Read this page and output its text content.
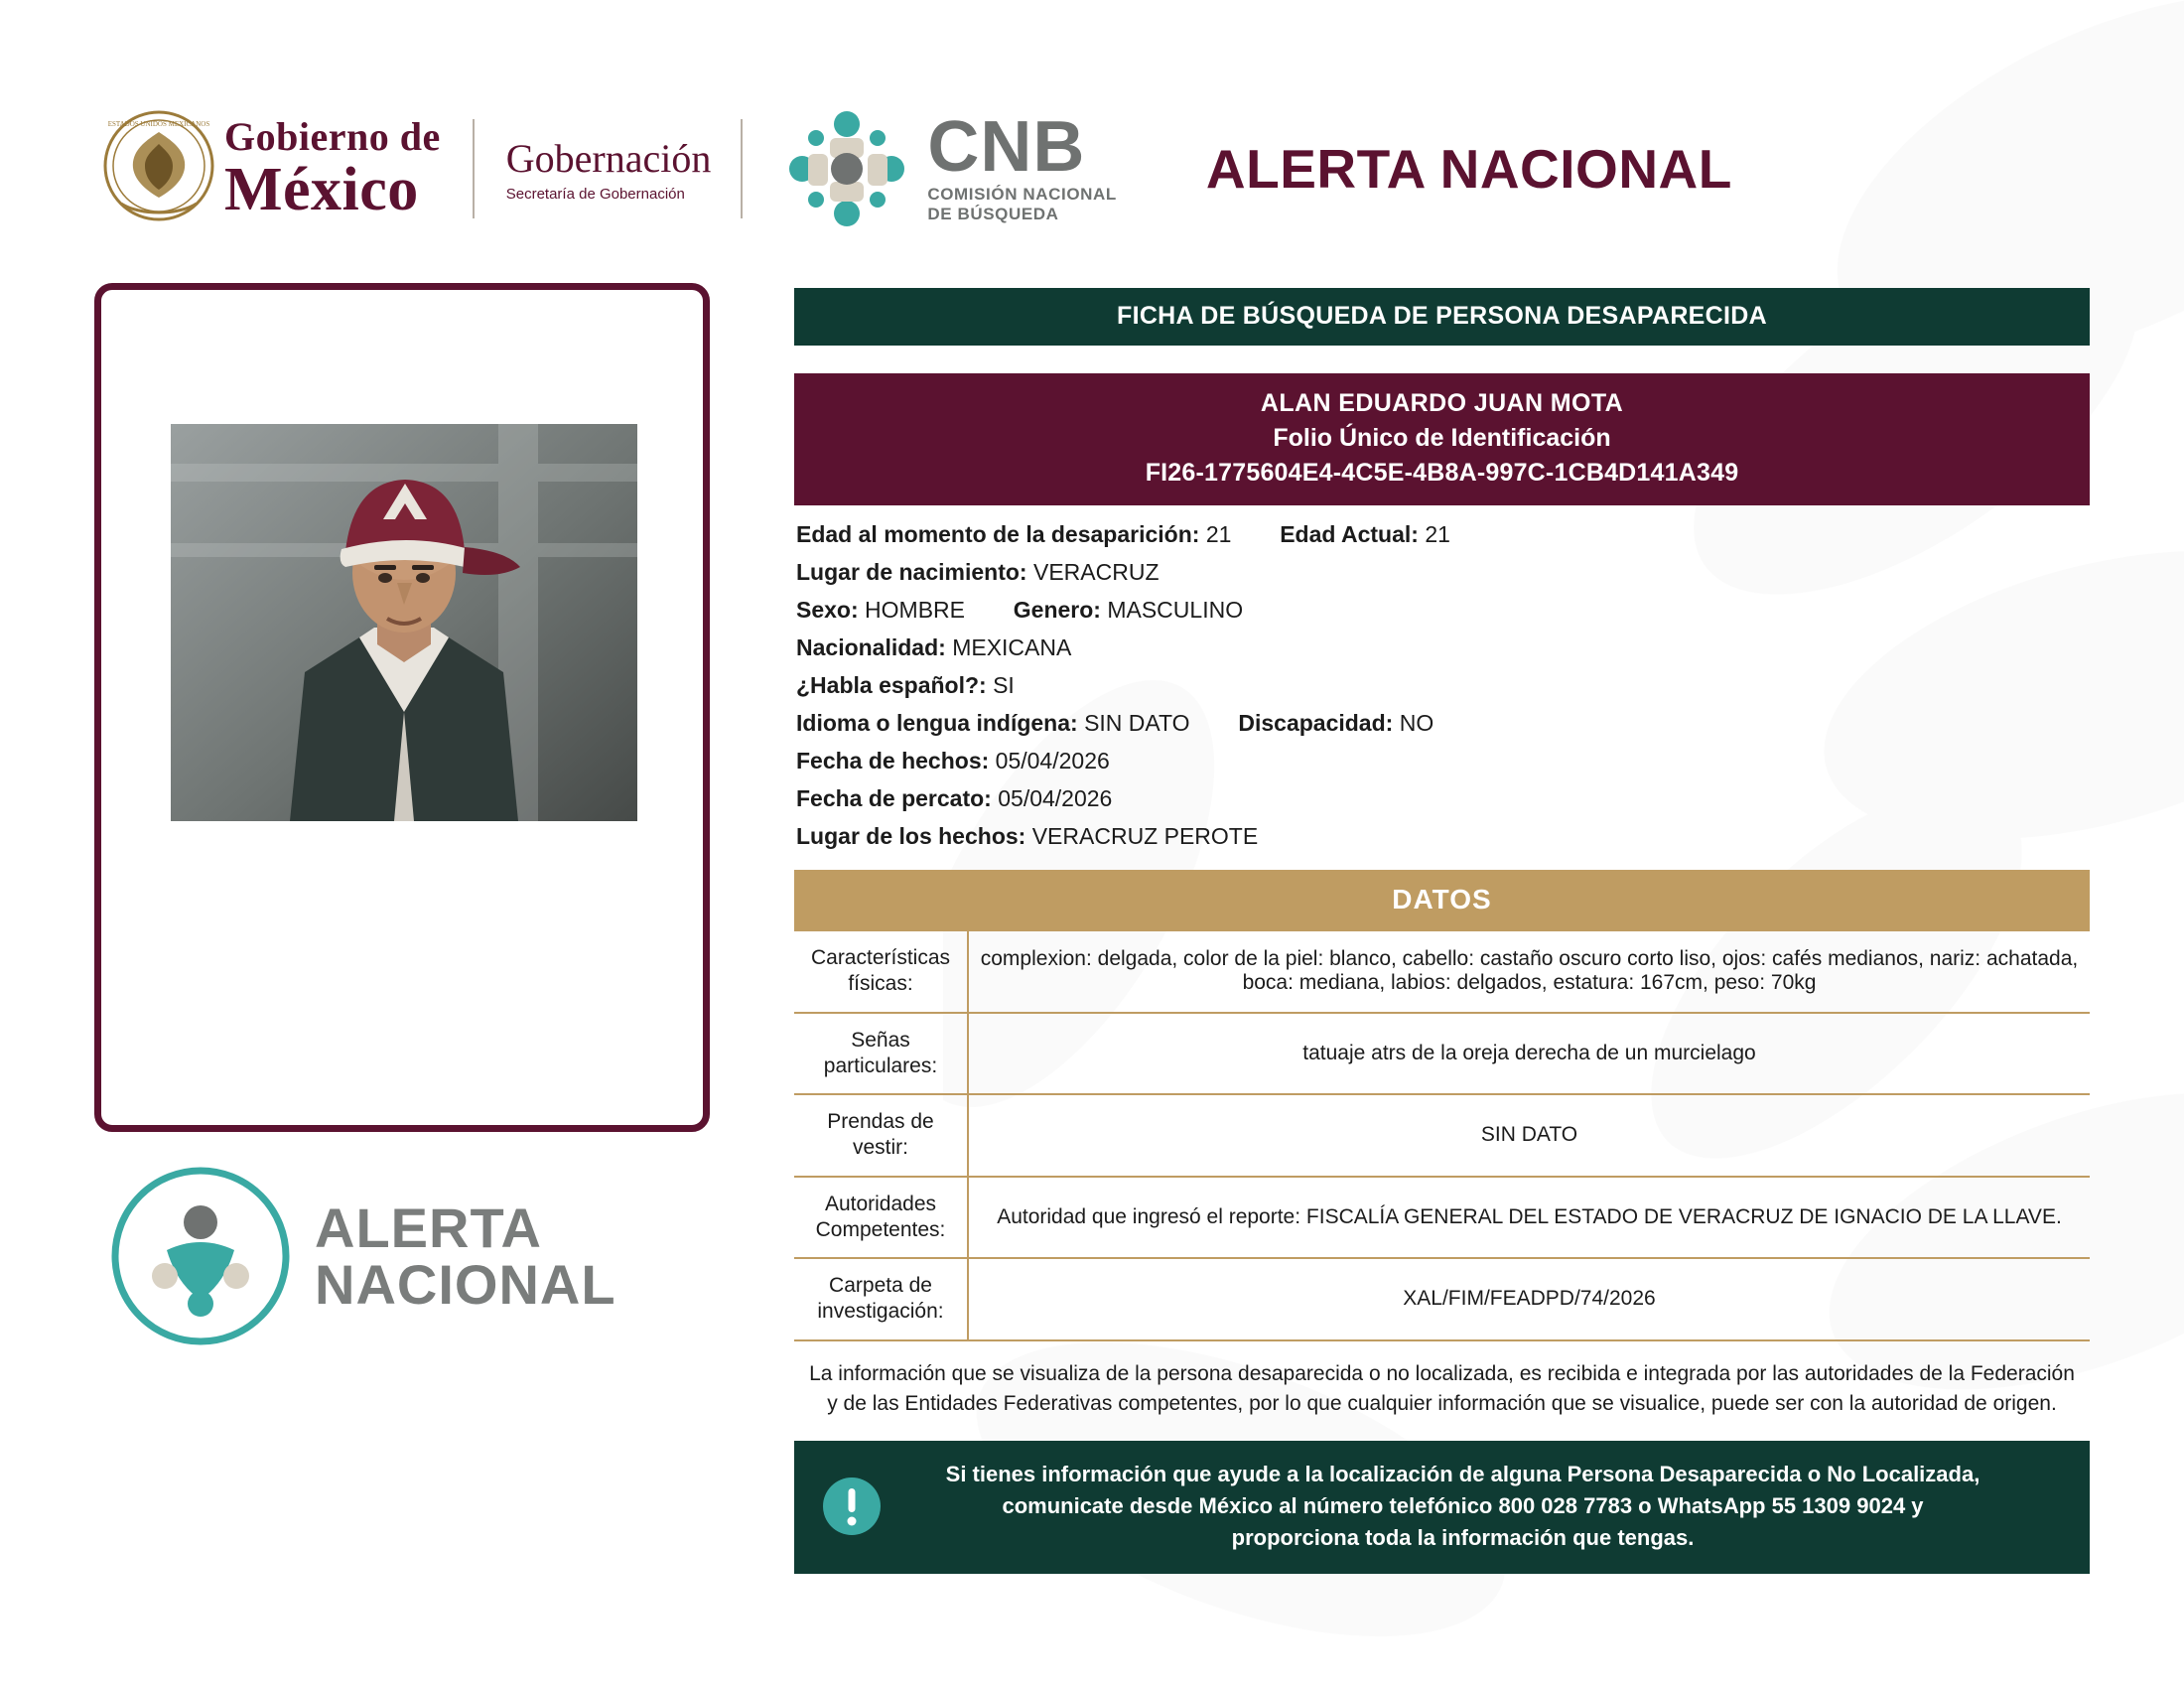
ESTADOS UNIDOS MEXICANOS Gobierno de
México	Gobernación
Secretaría de Gobernación
CNB
COMISIÓN NACIONAL
DE BÚSQUEDA
ALERTA NACIONAL
ALERTA
NACIONAL
FICHA DE BÚSQUEDA DE PERSONA DESAPARECIDA
ALAN EDUARDO JUAN MOTA
Folio Único de Identificación
FI26-1775604E4-4C5E-4B8A-997C-1CB4D141A349
Edad al momento de la desaparición: 21 Edad Actual: 21
Lugar de nacimiento: VERACRUZ
Sexo: HOMBRE Genero: MASCULINO
Nacionalidad: MEXICANA
¿Habla español?: SI
Idioma o lengua indígena: SIN DATO Discapacidad: NO
Fecha de hechos: 05/04/2026
Fecha de percato: 05/04/2026
Lugar de los hechos: VERACRUZ PEROTE
DATOS
Características físicas:	complexion: delgada, color de la piel: blanco, cabello: castaño oscuro corto liso, ojos: cafés medianos, nariz: achatada, boca: mediana, labios: delgados, estatura: 167cm, peso: 70kg
Señas particulares:	tatuaje atrs de la oreja derecha de un murcielago
Prendas de vestir:	SIN DATO
Autoridades Competentes:	Autoridad que ingresó el reporte: FISCALÍA GENERAL DEL ESTADO DE VERACRUZ DE IGNACIO DE LA LLAVE.
Carpeta de investigación:	XAL/FIM/FEADPD/74/2026
La información que se visualiza de la persona desaparecida o no localizada, es recibida e integrada por las autoridades de la Federación y de las Entidades Federativas competentes, por lo que cualquier información que se visualice, puede ser con la autoridad de origen.
Si tienes información que ayude a la localización de alguna Persona Desaparecida o No Localizada,
comunicate desde México al número telefónico 800 028 7783 o WhatsApp 55 1309 9024 y
proporciona toda la información que tengas.
